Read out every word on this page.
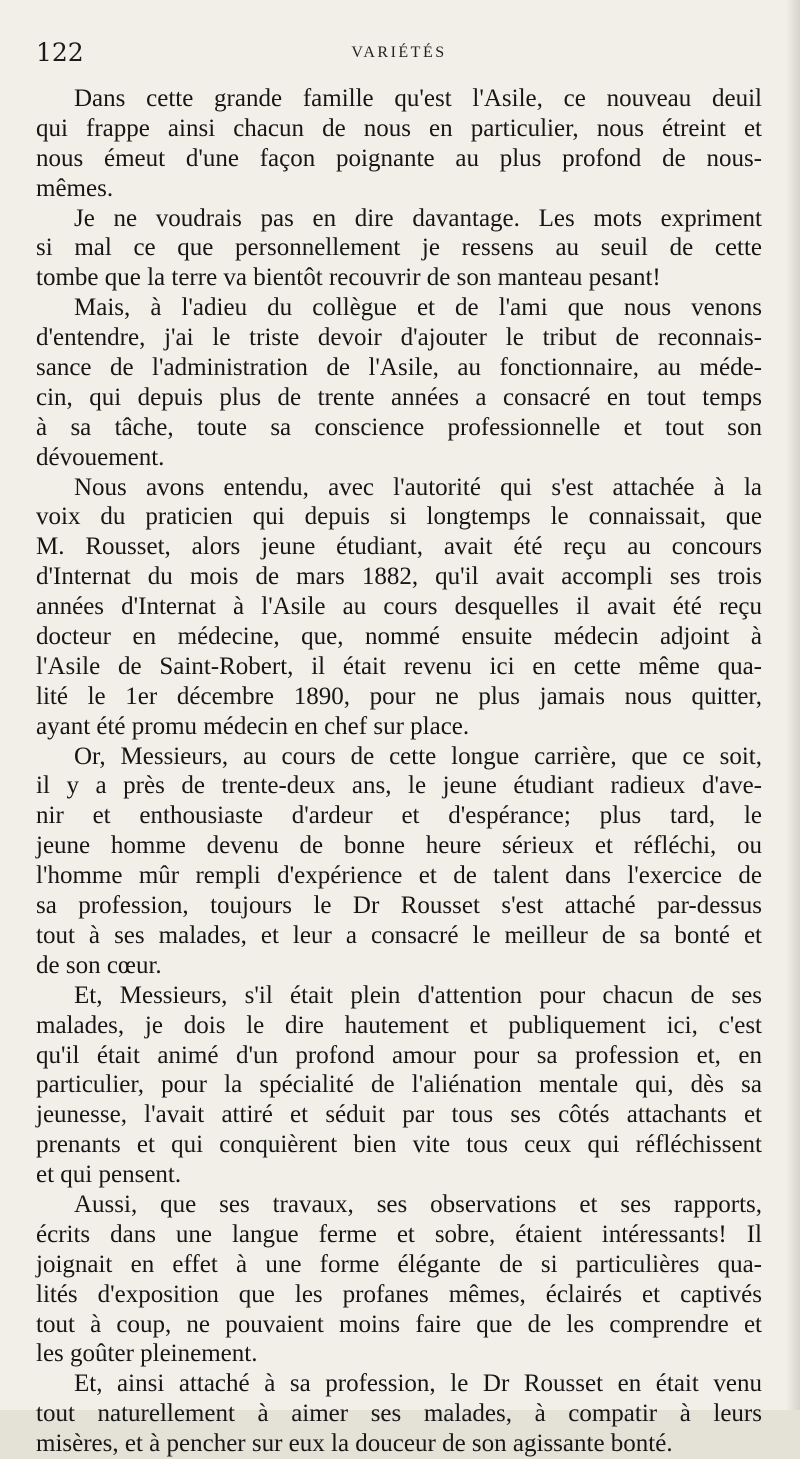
122	VARIÉTÉS
Dans cette grande famille qu'est l'Asile, ce nouveau deuil
qui frappe ainsi chacun de nous en particulier, nous étreint et
nous émeut d'une façon poignante au plus profond de nous-
mêmes.
Je ne voudrais pas en dire davantage. Les mots expriment
si mal ce que personnellement je ressens au seuil de cette
tombe que la terre va bientôt recouvrir de son manteau pesant!
Mais, à l'adieu du collègue et de l'ami que nous venons
d'entendre, j'ai le triste devoir d'ajouter le tribut de reconnais-
sance de l'administration de l'Asile, au fonctionnaire, au méde-
cin, qui depuis plus de trente années a consacré en tout temps
à sa tâche, toute sa conscience professionnelle et tout son
dévouement.
Nous avons entendu, avec l'autorité qui s'est attachée à la
voix du praticien qui depuis si longtemps le connaissait, que
M. Rousset, alors jeune étudiant, avait été reçu au concours
d'Internat du mois de mars 1882, qu'il avait accompli ses trois
années d'Internat à l'Asile au cours desquelles il avait été reçu
docteur en médecine, que, nommé ensuite médecin adjoint à
l'Asile de Saint-Robert, il était revenu ici en cette même qua-
lité le 1er décembre 1890, pour ne plus jamais nous quitter,
ayant été promu médecin en chef sur place.
Or, Messieurs, au cours de cette longue carrière, que ce soit,
il y a près de trente-deux ans, le jeune étudiant radieux d'ave-
nir et enthousiaste d'ardeur et d'espérance; plus tard, le
jeune homme devenu de bonne heure sérieux et réfléchi, ou
l'homme mûr rempli d'expérience et de talent dans l'exercice de
sa profession, toujours le Dr Rousset s'est attaché par-dessus
tout à ses malades, et leur a consacré le meilleur de sa bonté et
de son cœur.
Et, Messieurs, s'il était plein d'attention pour chacun de ses
malades, je dois le dire hautement et publiquement ici, c'est
qu'il était animé d'un profond amour pour sa profession et, en
particulier, pour la spécialité de l'aliénation mentale qui, dès sa
jeunesse, l'avait attiré et séduit par tous ses côtés attachants et
prenants et qui conquièrent bien vite tous ceux qui réfléchissent
et qui pensent.
Aussi, que ses travaux, ses observations et ses rapports,
écrits dans une langue ferme et sobre, étaient intéressants! Il
joignait en effet à une forme élégante de si particulières qua-
lités d'exposition que les profanes mêmes, éclairés et captivés
tout à coup, ne pouvaient moins faire que de les comprendre et
les goûter pleinement.
Et, ainsi attaché à sa profession, le Dr Rousset en était venu
tout naturellement à aimer ses malades, à compatir à leurs
misères, et à pencher sur eux la douceur de son agissante bonté.
